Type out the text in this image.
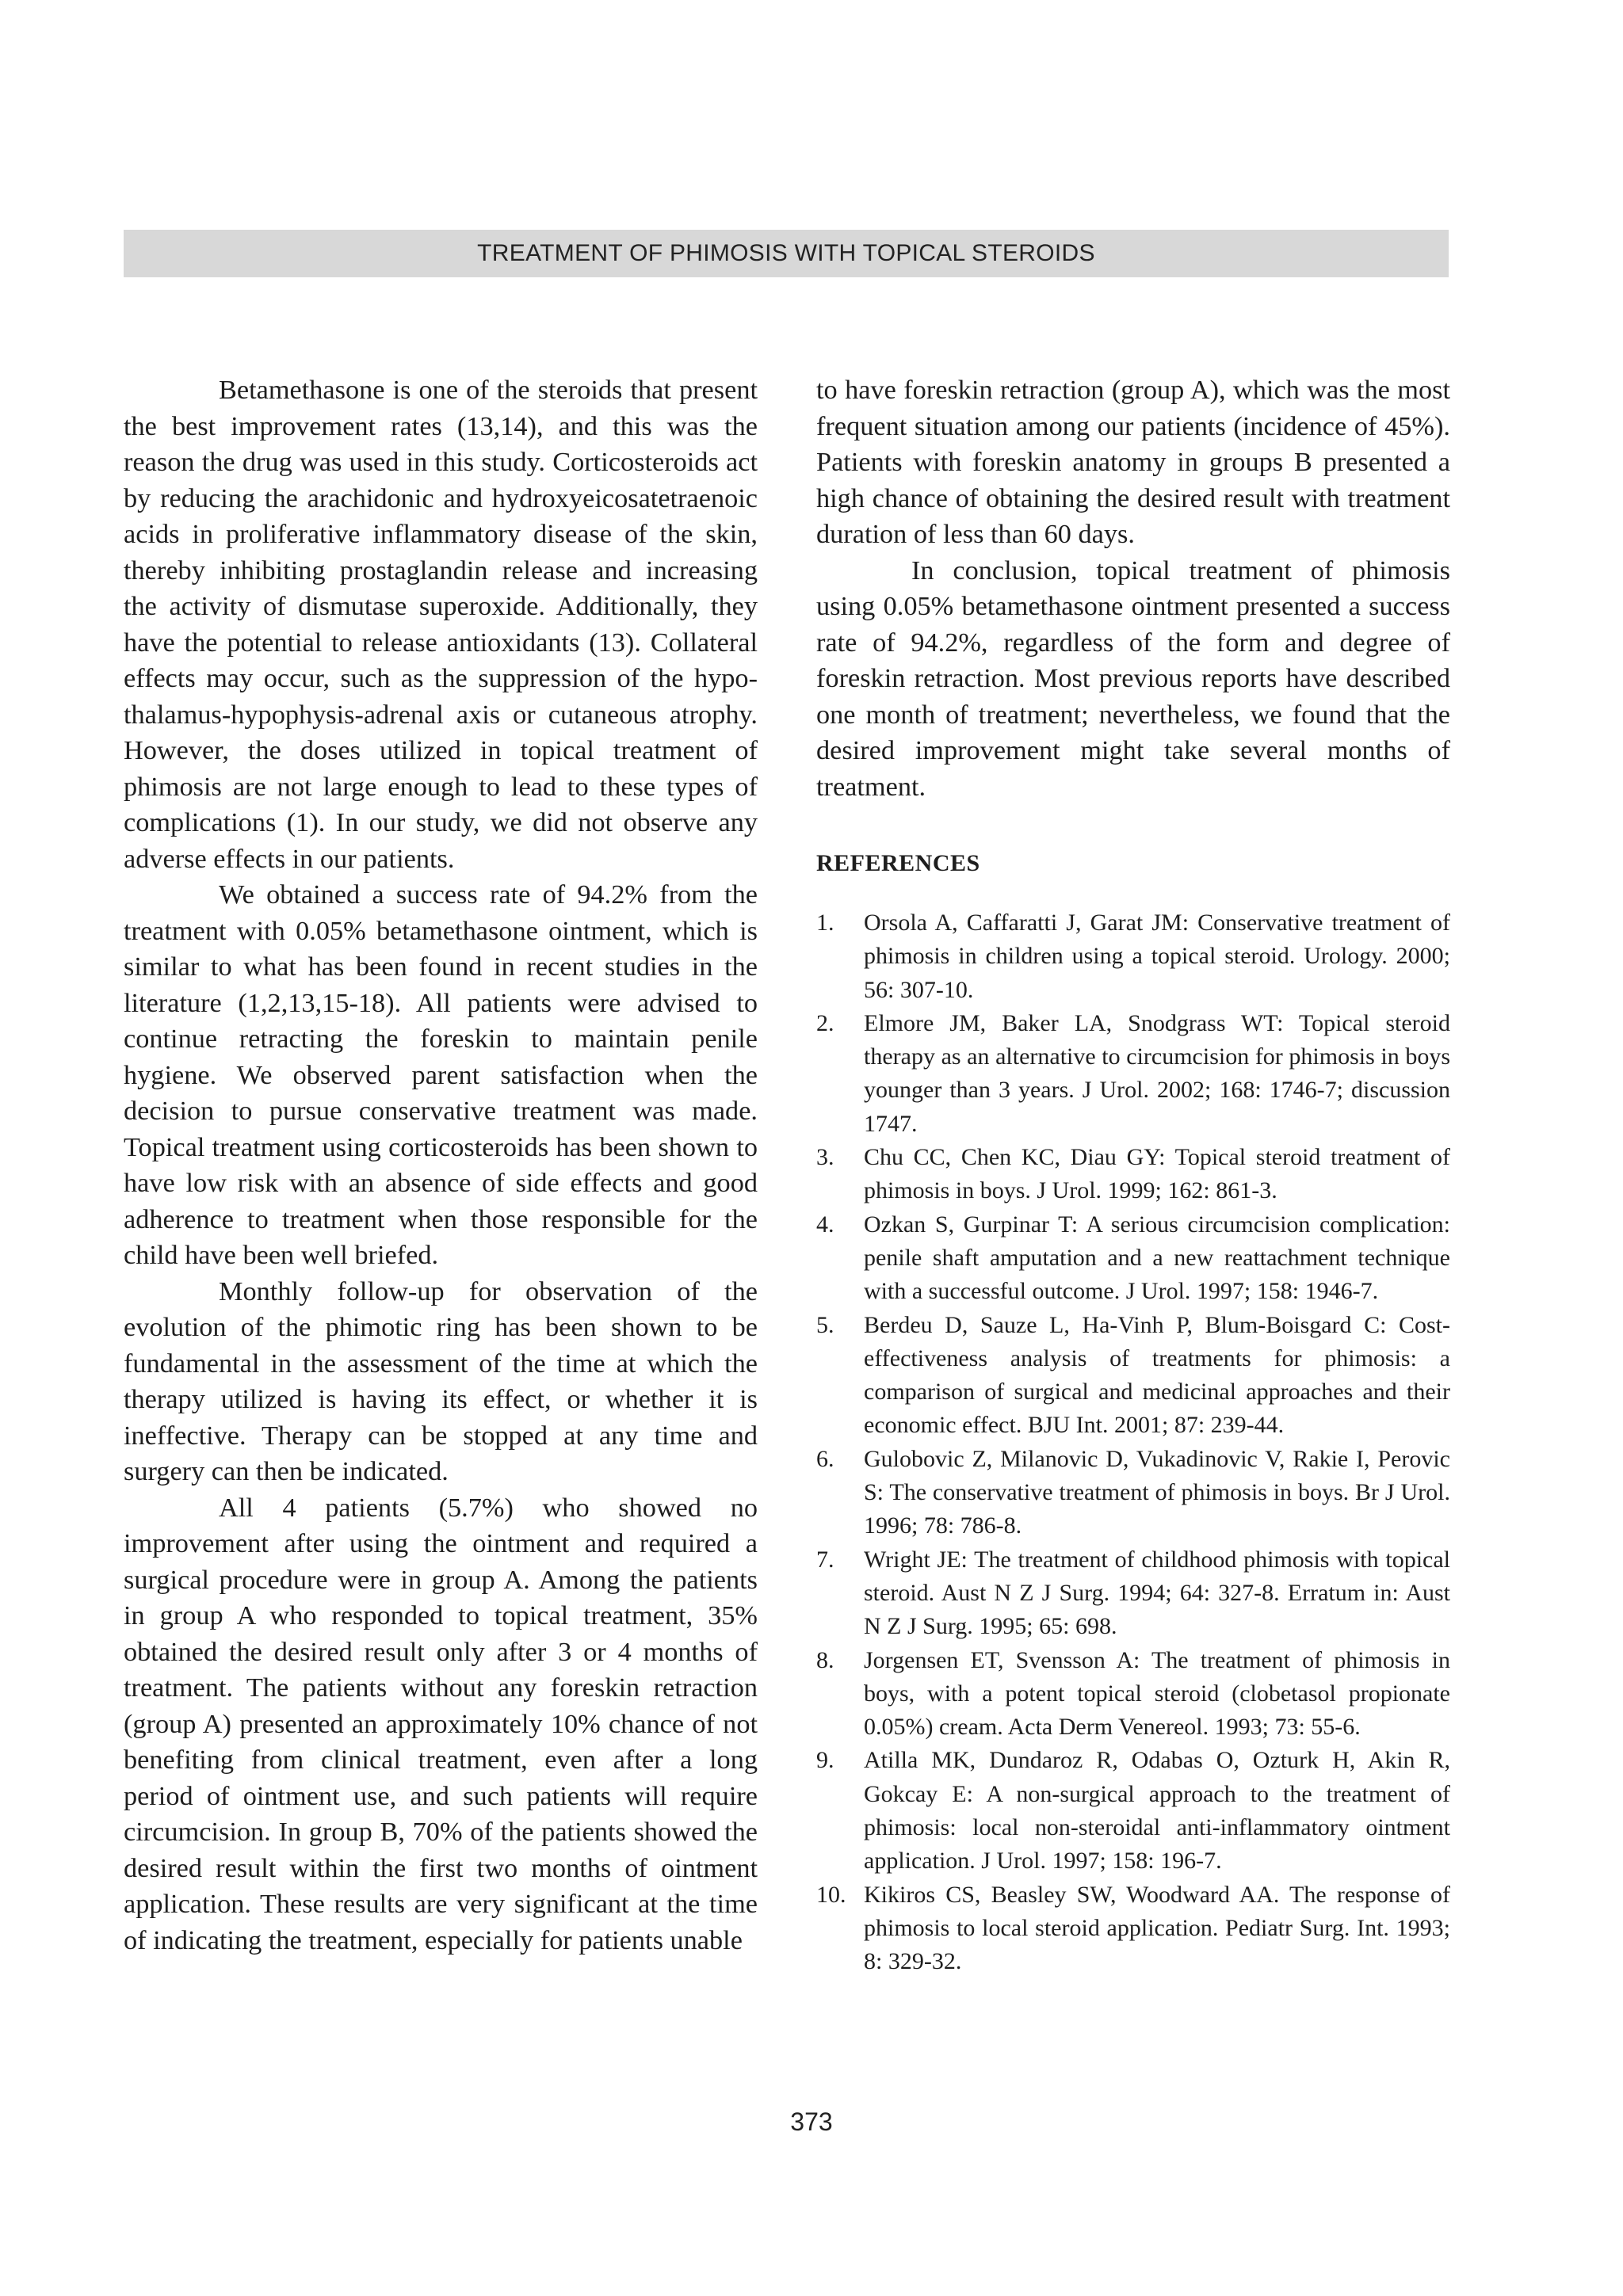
TREATMENT OF PHIMOSIS WITH TOPICAL STEROIDS

Betamethasone is one of the steroids that present the best improvement rates (13,14), and this was the reason the drug was used in this study. Corticosteroids act by reducing the arachidonic and hydroxyeicosatetraenoic acids in proliferative inflammatory disease of the skin, thereby inhibiting prostaglandin release and increasing the activity of dismutase superoxide. Additionally, they have the potential to release antioxidants (13). Collateral effects may occur, such as the suppression of the hypothalamus-hypophysis-adrenal axis or cutaneous atrophy. However, the doses utilized in topical treatment of phimosis are not large enough to lead to these types of complications (1). In our study, we did not observe any adverse effects in our patients.

We obtained a success rate of 94.2% from the treatment with 0.05% betamethasone ointment, which is similar to what has been found in recent studies in the literature (1,2,13,15-18). All patients were advised to continue retracting the foreskin to maintain penile hygiene. We observed parent satisfaction when the decision to pursue conservative treatment was made. Topical treatment using corticosteroids has been shown to have low risk with an absence of side effects and good adherence to treatment when those responsible for the child have been well briefed.

Monthly follow-up for observation of the evolution of the phimotic ring has been shown to be fundamental in the assessment of the time at which the therapy utilized is having its effect, or whether it is ineffective. Therapy can be stopped at any time and surgery can then be indicated.

All 4 patients (5.7%) who showed no improvement after using the ointment and required a surgical procedure were in group A. Among the patients in group A who responded to topical treatment, 35% obtained the desired result only after 3 or 4 months of treatment. The patients without any foreskin retraction (group A) presented an approximately 10% chance of not benefiting from clinical treatment, even after a long period of ointment use, and such patients will require circumcision. In group B, 70% of the patients showed the desired result within the first two months of ointment application. These results are very significant at the time of indicating the treatment, especially for patients unable

to have foreskin retraction (group A), which was the most frequent situation among our patients (incidence of 45%). Patients with foreskin anatomy in groups B presented a high chance of obtaining the desired result with treatment duration of less than 60 days.

In conclusion, topical treatment of phimosis using 0.05% betamethasone ointment presented a success rate of 94.2%, regardless of the form and degree of foreskin retraction. Most previous reports have described one month of treatment; nevertheless, we found that the desired improvement might take several months of treatment.

REFERENCES
1.	Orsola A, Caffaratti J, Garat JM: Conservative treatment of phimosis in children using a topical steroid. Urology. 2000; 56: 307-10.
2.	Elmore JM, Baker LA, Snodgrass WT: Topical steroid therapy as an alternative to circumcision for phimosis in boys younger than 3 years. J Urol. 2002; 168: 1746-7; discussion 1747.
3.	Chu CC, Chen KC, Diau GY: Topical steroid treatment of phimosis in boys. J Urol. 1999; 162: 861-3.
4.	Ozkan S, Gurpinar T: A serious circumcision complication: penile shaft amputation and a new reattachment technique with a successful outcome. J Urol. 1997; 158: 1946-7.
5.	Berdeu D, Sauze L, Ha-Vinh P, Blum-Boisgard C: Cost-effectiveness analysis of treatments for phimosis: a comparison of surgical and medicinal approaches and their economic effect. BJU Int. 2001; 87: 239-44.
6.	Gulobovic Z, Milanovic D, Vukadinovic V, Rakie I, Perovic S: The conservative treatment of phimosis in boys. Br J Urol. 1996; 78: 786-8.
7.	Wright JE: The treatment of childhood phimosis with topical steroid. Aust N Z J Surg. 1994; 64: 327-8. Erratum in: Aust N Z J Surg. 1995; 65: 698.
8.	Jorgensen ET, Svensson A: The treatment of phimosis in boys, with a potent topical steroid (clobetasol propionate 0.05%) cream. Acta Derm Venereol. 1993; 73: 55-6.
9.	Atilla MK, Dundaroz R, Odabas O, Ozturk H, Akin R, Gokcay E: A non-surgical approach to the treatment of phimosis: local non-steroidal anti-inflammatory ointment application. J Urol. 1997; 158: 196-7.
10. Kikiros CS, Beasley SW, Woodward AA. The response of phimosis to local steroid application. Pediatr Surg. Int. 1993; 8: 329-32.
373
